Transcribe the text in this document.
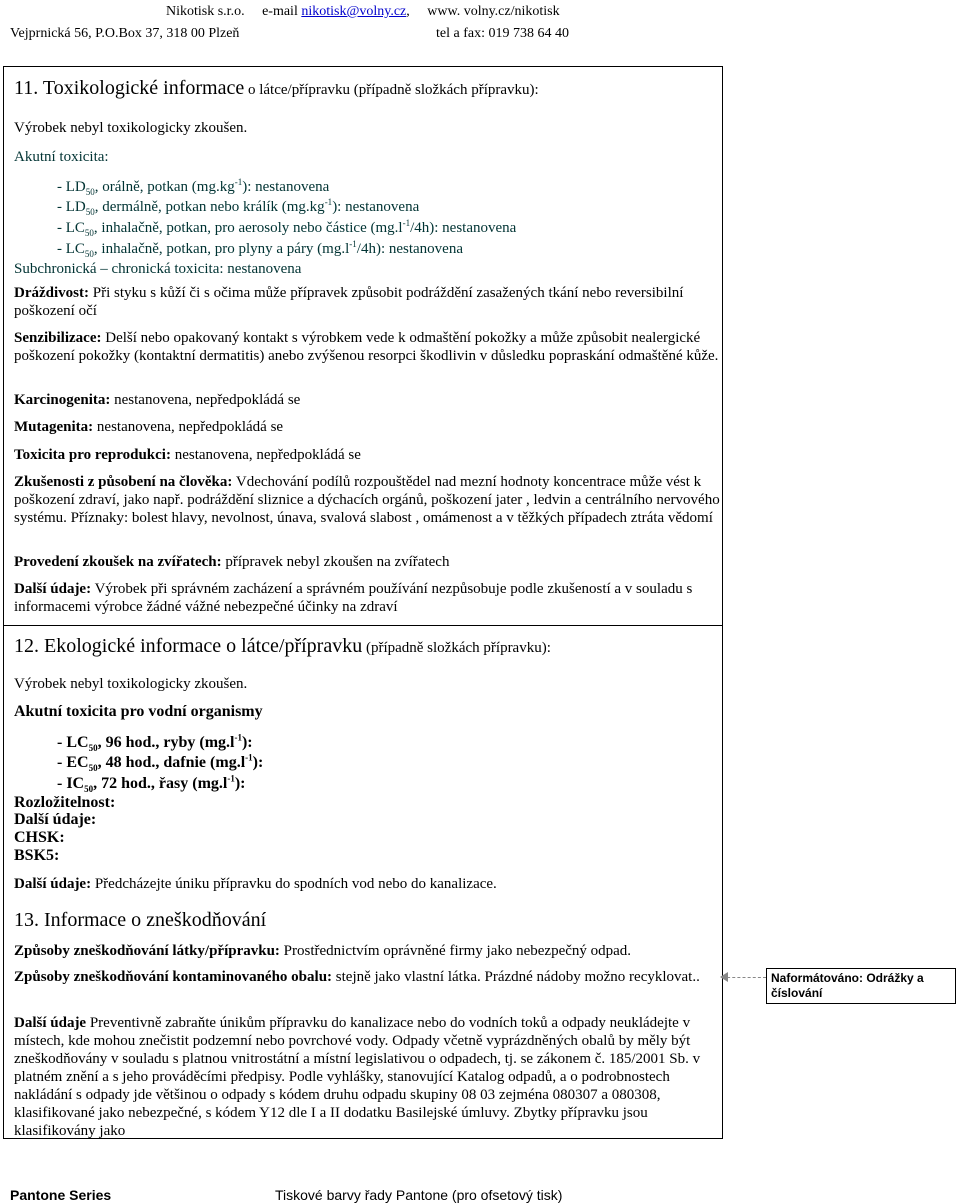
Nikotisk s.r.o. e-mail nikotisk@volny.cz, www. volny.cz/nikotisk
Vejprnická 56, P.O.Box 37, 318 00 Plzeň	tel a fax: 019 738 64 40
11. Toxikologické informace o látce/přípravku (případně složkách přípravku):
Výrobek nebyl toxikologicky zkoušen.
Akutní toxicita:
- $LD_{50}$, orálně, potkan $(mg.kg^{-1})$: nestanovena
- $LD_{50}$, dermálně, potkan nebo králík $(mg.kg^{-1})$: nestanovena
- $LC_{50}$, inhalačně, potkan, pro aerosoly nebo částice $(mg.l^{-1}/4h)$: nestanovena
- $LC_{50}$, inhalačně, potkan, pro plyny a páry $(mg.l^{-1}/4h)$: nestanovena
Subchronická – chronická toxicita: nestanovena
Dráždivost: Při styku s kůží či s očima může přípravek způsobit podráždění zasažených tkání nebo reversibilní poškození očí
Senzibilizace: Delší nebo opakovaný kontakt s výrobkem vede k odmaštění pokožky a může způsobit nealergické poškození pokožky (kontaktní dermatitis) anebo zvýšenou resorpci škodlivin v důsledku popraskání odmaštěné kůže.
Karcinogenita: nestanovena, nepředpokládá se
Mutagenita: nestanovena, nepředpokládá se
Toxicita pro reprodukci: nestanovena, nepředpokládá se
Zkušenosti z působení na člověka: Vdechování podílů rozpouštědel nad mezní hodnoty koncentrace může vést k poškození zdraví, jako např. podráždění sliznice a dýchacích orgánů, poškození jater , ledvin a centrálního nervového systému. Příznaky: bolest hlavy, nevolnost, únava, svalová slabost , omámenost a v těžkých případech ztráta vědomí
Provedení zkoušek na zvířatech: přípravek nebyl zkoušen na zvířatech
Další údaje: Výrobek při správném zacházení a správném používání nezpůsobuje podle zkušeností a v souladu s informacemi výrobce žádné vážné nebezpečné účinky na zdraví
12. Ekologické informace o látce/přípravku (případně složkách přípravku):
Výrobek nebyl toxikologicky zkoušen.
Akutní toxicita pro vodní organismy
- $LC_{50}$, 96 hod., ryby $(mg.l^{-1})$:
- $EC_{50}$, 48 hod., dafnie $(mg.l^{-1})$:
- $IC_{50}$, 72 hod., řasy $(mg.l^{-1})$:
Rozložitelnost:
Další údaje:
CHSK:
BSK5:
Další údaje: Předcházejte úniku přípravku do spodních vod nebo do kanalizace.
13. Informace o zneškodňování
Způsoby zneškodňování látky/přípravku: Prostřednictvím oprávněné firmy jako nebezpečný odpad.
Způsoby zneškodňování kontaminovaného obalu: stejně jako vlastní látka. Prázdné nádoby možno recyklovat..
Další údaje Preventivně zabraňte únikům přípravku do kanalizace nebo do vodních toků a odpady neukládejte v místech, kde mohou znečistit podzemní nebo povrchové vody. Odpady včetně vyprázdněných obalů by měly být zneškodňovány v souladu s platnou vnitrostátní a místní legislativou o odpadech, tj. se zákonem č. 185/2001 Sb. v platném znění a s jeho prováděcími předpisy. Podle vyhlášky, stanovující Katalog odpadů, a o podrobnostech nakládání s odpady jde většinou o odpady s kódem druhu odpadu skupiny 08 03 zejména 080307 a 080308, klasifikované jako nebezpečné, s kódem Y12 dle I a II dodatku Basilejské úmluvy. Zbytky přípravku jsou klasifikovány jako
Naformátováno: Odrážky a číslování
Pantone Series	Tiskové barvy řady Pantone (pro ofsetový tisk)
